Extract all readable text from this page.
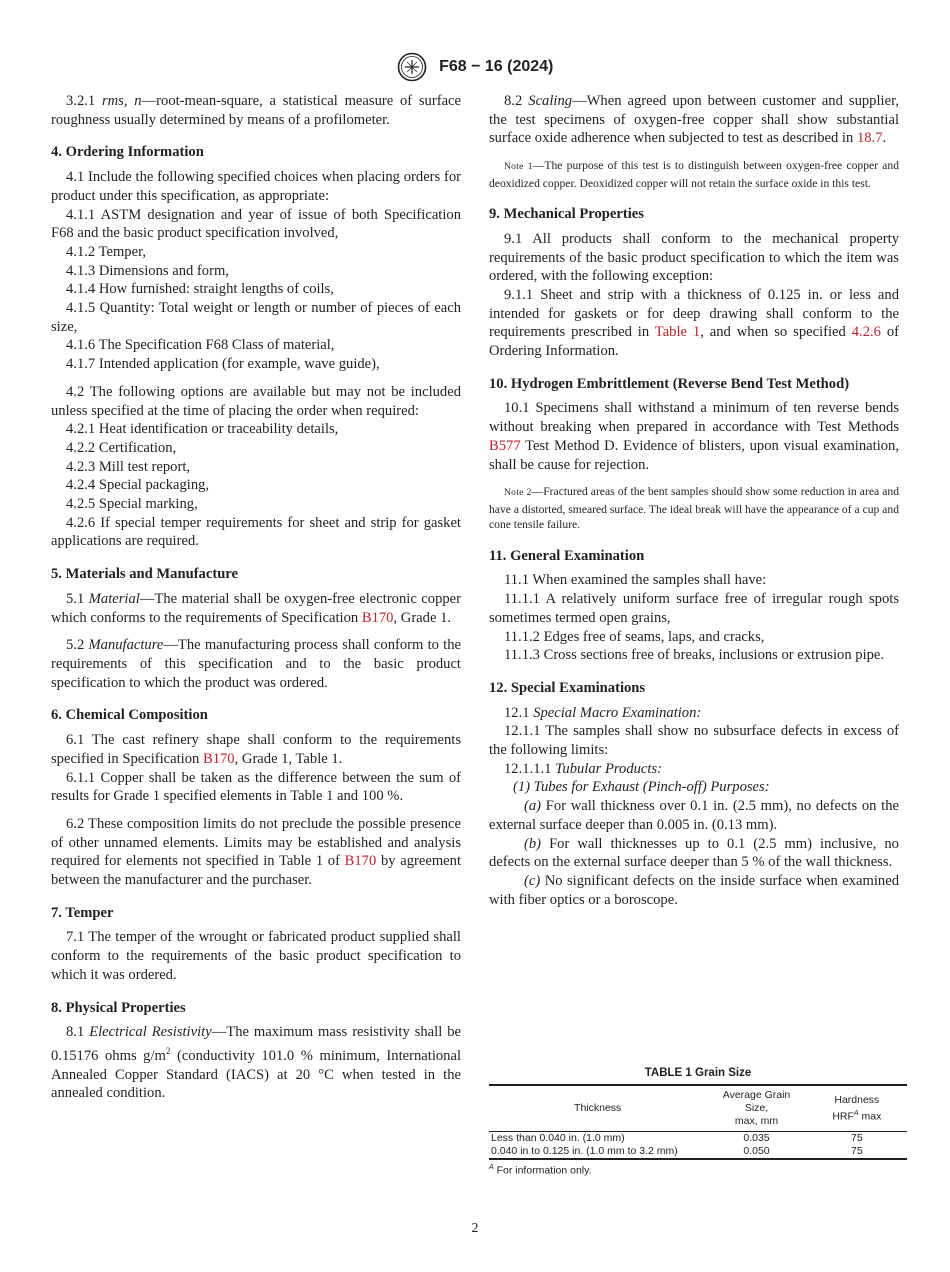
F68 − 16 (2024)

3.2.1 rms, n—root-mean-square, a statistical measure of surface roughness usually determined by means of a profilometer.

4. Ordering Information

4.1 Include the following specified choices when placing orders for product under this specification, as appropriate:

4.1.1 ASTM designation and year of issue of both Specification F68 and the basic product specification involved,

4.1.2 Temper,

4.1.3 Dimensions and form,

4.1.4 How furnished: straight lengths of coils,

4.1.5 Quantity: Total weight or length or number of pieces of each size,

4.1.6 The Specification F68 Class of material,

4.1.7 Intended application (for example, wave guide),

4.2 The following options are available but may not be included unless specified at the time of placing the order when required:

4.2.1 Heat identification or traceability details,

4.2.2 Certification,

4.2.3 Mill test report,

4.2.4 Special packaging,

4.2.5 Special marking,

4.2.6 If special temper requirements for sheet and strip for gasket applications are required.

5. Materials and Manufacture

5.1 Material—The material shall be oxygen-free electronic copper which conforms to the requirements of Specification B170, Grade 1.

5.2 Manufacture—The manufacturing process shall conform to the requirements of this specification and to the basic product specification to which the product was ordered.

6. Chemical Composition

6.1 The cast refinery shape shall conform to the requirements specified in Specification B170, Grade 1, Table 1.

6.1.1 Copper shall be taken as the difference between the sum of results for Grade 1 specified elements in Table 1 and 100 %.

6.2 These composition limits do not preclude the possible presence of other unnamed elements. Limits may be established and analysis required for elements not specified in Table 1 of B170 by agreement between the manufacturer and the purchaser.

7. Temper

7.1 The temper of the wrought or fabricated product supplied shall conform to the requirements of the basic product specification to which it was ordered.

8. Physical Properties

8.1 Electrical Resistivity—The maximum mass resistivity shall be 0.15176 ohms $g/m^2$ (conductivity 101.0 % minimum, International Annealed Copper Standard (IACS) at 20 °C when tested in the annealed condition.

8.2 Scaling—When agreed upon between customer and supplier, the test specimens of oxygen-free copper shall show substantial surface oxide adherence when subjected to test as described in 18.7.

Note 1—The purpose of this test is to distinguish between oxygen-free copper and deoxidized copper. Deoxidized copper will not retain the surface oxide in this test.

9. Mechanical Properties

9.1 All products shall conform to the mechanical property requirements of the basic product specification to which the item was ordered, with the following exception:

9.1.1 Sheet and strip with a thickness of 0.125 in. or less and intended for gaskets or for deep drawing shall conform to the requirements prescribed in Table 1, and when so specified 4.2.6 of Ordering Information.

10. Hydrogen Embrittlement (Reverse Bend Test Method)

10.1 Specimens shall withstand a minimum of ten reverse bends without breaking when prepared in accordance with Test Methods B577 Test Method D. Evidence of blisters, upon visual examination, shall be cause for rejection.

Note 2—Fractured areas of the bent samples should show some reduction in area and have a distorted, smeared surface. The ideal break will have the appearance of a cup and cone tensile failure.

11. General Examination

11.1 When examined the samples shall have:

11.1.1 A relatively uniform surface free of irregular rough spots sometimes termed open grains,

11.1.2 Edges free of seams, laps, and cracks,

11.1.3 Cross sections free of breaks, inclusions or extrusion pipe.

12. Special Examinations

12.1 Special Macro Examination:

12.1.1 The samples shall show no subsurface defects in excess of the following limits:

12.1.1.1 Tubular Products:

(1) Tubes for Exhaust (Pinch-off) Purposes:

(a) For wall thickness over 0.1 in. (2.5 mm), no defects on the external surface deeper than 0.005 in. (0.13 mm).

(b) For wall thicknesses up to 0.1 (2.5 mm) inclusive, no defects on the external surface deeper than 5 % of the wall thickness.

(c) No significant defects on the inside surface when examined with fiber optics or a boroscope.

TABLE 1 Grain Size
Thickness	Average Grain
Size,
max, mm	Hardness
$HRF^A$ max
Less than 0.040 in. (1.0 mm)	0.035	75
0.040 in to 0.125 in. (1.0 mm to 3.2 mm)	0.050	75
$^A$ For information only.
2
